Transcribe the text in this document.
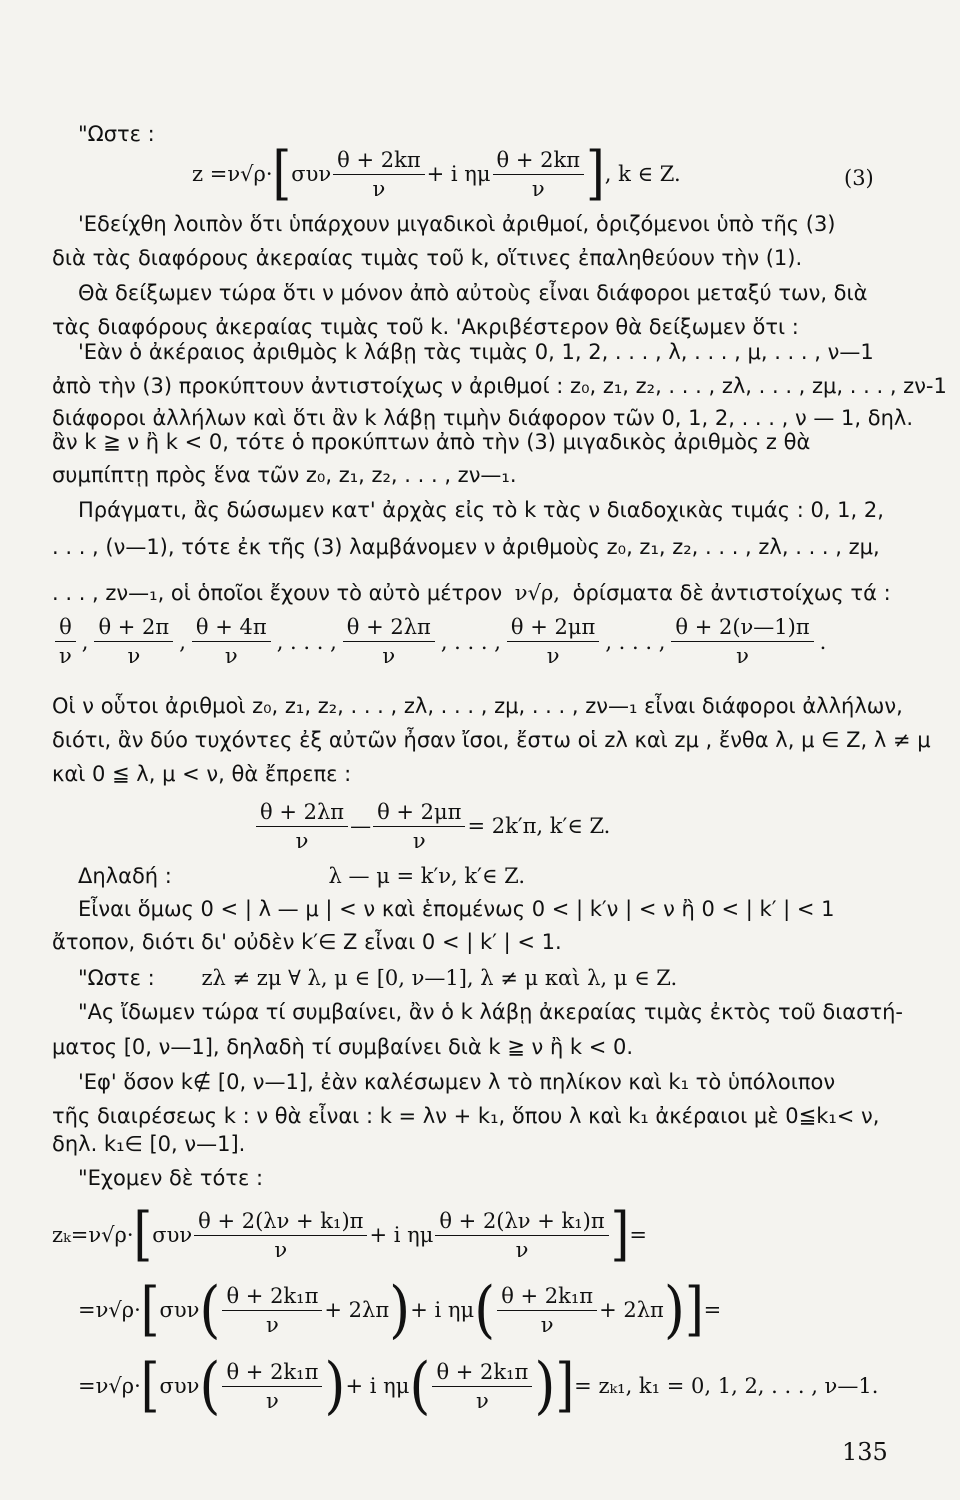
"Ωστε :
z = ν√ρ · [ συν $\frac{\theta + 2k\pi}{\nu} + i$ ημ $\frac{\theta + 2k\pi}{\nu}$ ] , k ∈ Z.	(3)
'Εδείχθη λοιπὸν ὅτι ὑπάρχουν μιγαδικοὶ ἀριθμοί, ὁριζόμενοι ὑπὸ τῆς (3)
διὰ τὰς διαφόρους ἀκεραίας τιμὰς τοῦ k, οἵτινες ἐπαληθεύουν τὴν (1).
Θὰ δείξωμεν τώρα ὅτι ν μόνον ἀπὸ αὐτοὺς εἶναι διάφοροι μεταξύ των, διὰ
τὰς διαφόρους ἀκεραίας τιμὰς τοῦ k. 'Ακριβέστερον θὰ δείξωμεν ὅτι :
'Εὰν ὁ ἀκέραιος ἀριθμὸς k λάβῃ τὰς τιμὰς 0, 1, 2, . . . , λ, . . . , μ, . . . , ν—1
ἀπὸ τὴν (3) προκύπτουν ἀντιστοίχως ν ἀριθμοί : z₀, z₁, z₂, . . . , zλ, . . . , zμ, . . . , zν-1
διάφοροι ἀλλήλων καὶ ὅτι ἂν k λάβῃ τιμὴν διάφορον τῶν 0, 1, 2, . . . , ν — 1, δηλ.
ἂν k ≧ ν ἢ k < 0, τότε ὁ προκύπτων ἀπὸ τὴν (3) μιγαδικὸς ἀριθμὸς z θὰ
συμπίπτῃ πρὸς ἕνα τῶν z₀, z₁, z₂, . . . , zν—₁.
Πράγματι, ἂς δώσωμεν κατ' ἀρχὰς εἰς τὸ k τὰς ν διαδοχικὰς τιμάς : 0, 1, 2,
. . . , (ν—1), τότε ἐκ τῆς (3) λαμβάνομεν ν ἀριθμοὺς z₀, z₁, z₂, . . . , zλ, . . . , zμ,
. . . , zν—₁, οἱ ὁποῖοι ἔχουν τὸ αὐτὸ μέτρον ν√ρ, ὁρίσματα δὲ ἀντιστοίχως τά :
$\frac{\theta}{\nu}$ , $\frac{\theta + 2\pi}{\nu}$ , $\frac{\theta + 4\pi}{\nu}$ , . . . , $\frac{\theta + 2\lambda\pi}{\nu}$ , . . . , $\frac{\theta + 2\mu\pi}{\nu}$ , . . . , $\frac{\theta + 2(\nu—1)\pi}{\nu}$ .
Οἱ ν οὗτοι ἀριθμοὶ z₀, z₁, z₂, . . . , zλ, . . . , zμ, . . . , zν—₁ εἶναι διάφοροι ἀλλήλων,
διότι, ἂν δύο τυχόντες ἐξ αὐτῶν ἦσαν ἴσοι, ἔστω οἱ zλ καὶ zμ , ἔνθα λ, μ ∈ Z, λ ≠ μ
καὶ 0 ≦ λ, μ < ν, θὰ ἔπρεπε :
$\frac{\theta + 2\lambda\pi}{\nu}$ — $\frac{\theta + 2\mu\pi}{\nu} = 2k'\pi$, k′∈ Z.
Δηλαδή :	λ — μ = k′ν, k′∈ Z.
Εἶναι ὅμως 0 < | λ — μ | < ν καὶ ἑπομένως 0 < | k′ν | < ν ἢ 0 < | k′ | < 1
ἄτοπον, διότι δι' οὐδὲν k′∈ Z εἶναι 0 < | k′ | < 1.
"Ωστε : zλ ≠ zμ ∀ λ, μ ∈ [0, ν—1], λ ≠ μ καὶ λ, μ ∈ Z.
"Ας ἴδωμεν τώρα τί συμβαίνει, ἂν ὁ k λάβῃ ἀκεραίας τιμὰς ἐκτὸς τοῦ διαστή-
ματος [0, ν—1], δηλαδὴ τί συμβαίνει διὰ k ≧ ν ἢ k < 0.
'Εφ' ὅσον k∉ [0, ν—1], ἐὰν καλέσωμεν λ τὸ πηλίκον καὶ k₁ τὸ ὑπόλοιπον
τῆς διαιρέσεως k : ν θὰ εἶναι : k = λν + k₁, ὅπου λ καὶ k₁ ἀκέραιοι μὲ 0≦k₁< ν,
δηλ. k₁∈ [0, ν—1].
"Εχομεν δὲ τότε :
zₖ = ν√ρ · [ συν $\frac{\text{θ + 2(λν + k₁)π}}{\nu} + i$ ημ $\frac{\text{θ + 2(λν + k₁)π}}{\nu}$ ] =
= ν√ρ · [ συν ( $\frac{\text{θ + 2k₁π}}{\nu} + 2\lambda\pi$ ) + i ημ ( $\frac{\text{θ + 2k₁π}}{\nu} + 2\lambda\pi$ ) ] =
= ν√ρ · [ συν ( $\frac{\text{θ + 2k₁π}}{\nu}$ ) + i ημ ( $\frac{\text{θ + 2k₁π}}{\nu}$ ) ] = zₖ₁, k₁ = 0, 1, 2, . . . , ν—1.
135
